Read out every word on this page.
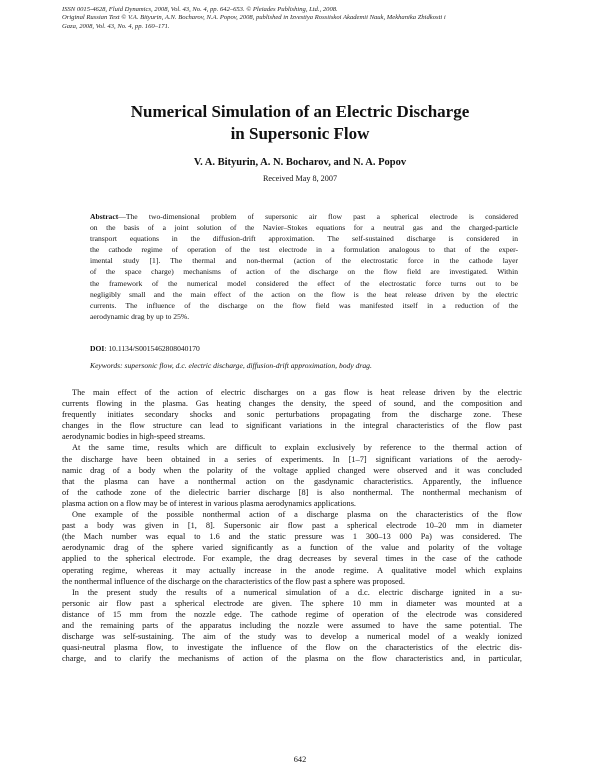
ISSN 0015-4628, Fluid Dynamics, 2008, Vol. 43, No. 4, pp. 642–653. © Pleiades Publishing, Ltd., 2008.
Original Russian Text © V.A. Bityurin, A.N. Bocharov, N.A. Popov, 2008, published in Izvestiya Rossiiskoi Akademii Nauk, Mekhanika Zhidkosti i
Gaza, 2008, Vol. 43, No. 4, pp. 160–171.
Numerical Simulation of an Electric Discharge
in Supersonic Flow
V. A. Bityurin, A. N. Bocharov, and N. A. Popov
Received May 8, 2007
Abstract—The two-dimensional problem of supersonic air flow past a spherical electrode is considered
on the basis of a joint solution of the Navier–Stokes equations for a neutral gas and the charged-particle
transport equations in the diffusion-drift approximation. The self-sustained discharge is considered in
the cathode regime of operation of the test electrode in a formulation analogous to that of the exper-
imental study [1]. The thermal and non-thermal (action of the electrostatic force in the cathode layer
of the space charge) mechanisms of action of the discharge on the flow field are investigated. Within
the framework of the numerical model considered the effect of the electrostatic force turns out to be
negligibly small and the main effect of the action on the flow is the heat release driven by the electric
currents. The influence of the discharge on the flow field was manifested itself in a reduction of the
aerodynamic drag by up to 25%.
DOI: 10.1134/S0015462808040170
Keywords: supersonic flow, d.c. electric discharge, diffusion-drift approximation, body drag.
The main effect of the action of electric discharges on a gas flow is heat release driven by the electric
currents flowing in the plasma. Gas heating changes the density, the speed of sound, and the composition and
frequently initiates secondary shocks and sonic perturbations propagating from the discharge zone. These
changes in the flow structure can lead to significant variations in the integral characteristics of the flow past
aerodynamic bodies in high-speed streams.
At the same time, results which are difficult to explain exclusively by reference to the thermal action of
the discharge have been obtained in a series of experiments. In [1–7] significant variations of the aerody-
namic drag of a body when the polarity of the voltage applied changed were observed and it was concluded
that the plasma can have a nonthermal action on the gasdynamic characteristics. Apparently, the influence
of the cathode zone of the dielectric barrier discharge [8] is also nonthermal. The nonthermal mechanism of
plasma action on a flow may be of interest in various plasma aerodynamics applications.
One example of the possible nonthermal action of a discharge plasma on the characteristics of the flow
past a body was given in [1, 8]. Supersonic air flow past a spherical electrode 10–20 mm in diameter
(the Mach number was equal to 1.6 and the static pressure was 1 300–13 000 Pa) was considered. The
aerodynamic drag of the sphere varied significantly as a function of the value and polarity of the voltage
applied to the spherical electrode. For example, the drag decreases by several times in the case of the cathode
operating regime, whereas it may actually increase in the anode regime. A qualitative model which explains
the nonthermal influence of the discharge on the characteristics of the flow past a sphere was proposed.
In the present study the results of a numerical simulation of a d.c. electric discharge ignited in a su-
personic air flow past a spherical electrode are given. The sphere 10 mm in diameter was mounted at a
distance of 15 mm from the nozzle edge. The cathode regime of operation of the electrode was considered
and the remaining parts of the apparatus including the nozzle were assumed to have the same potential. The
discharge was self-sustaining. The aim of the study was to develop a numerical model of a weakly ionized
quasi-neutral plasma flow, to investigate the influence of the flow on the characteristics of the electric dis-
charge, and to clarify the mechanisms of action of the plasma on the flow characteristics and, in particular,
642
